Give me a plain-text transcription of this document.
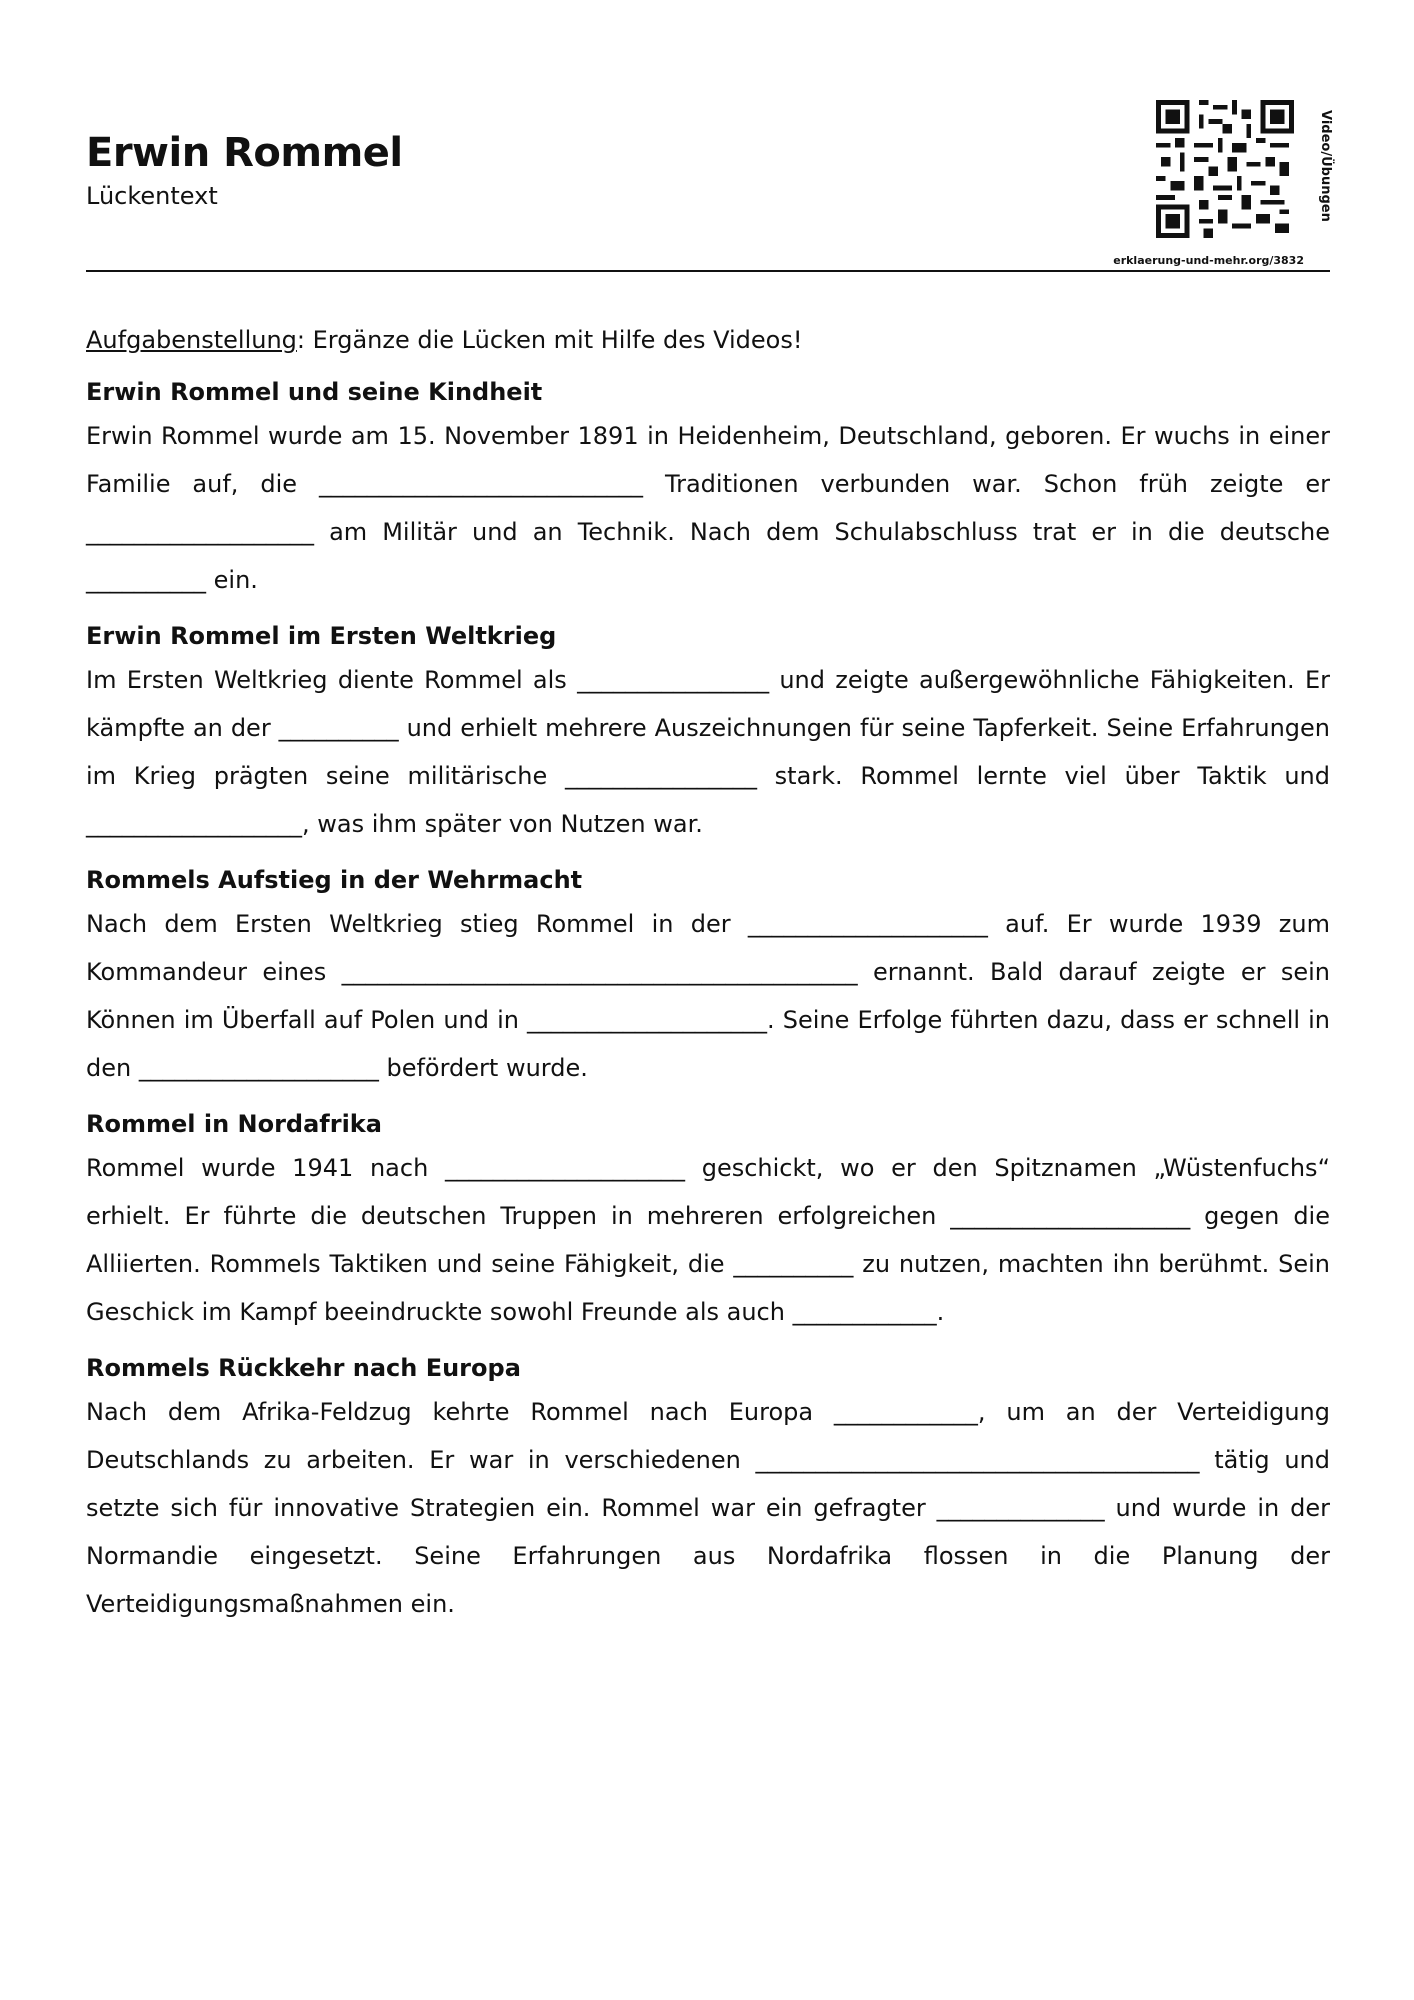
Erwin Rommel
Lückentext	Video/Übungen
erklaerung-und-mehr.org/3832

Aufgabenstellung: Ergänze die Lücken mit Hilfe des Videos!

Erwin Rommel und seine Kindheit

Erwin Rommel wurde am 15. November 1891 in Heidenheim, Deutschland, geboren. Er wuchs in einer Familie auf, die ___________________________ Traditionen verbunden war. Schon früh zeigte er ___________________ am Militär und an Technik. Nach dem Schulabschluss trat er in die deutsche __________ ein.

Erwin Rommel im Ersten Weltkrieg

Im Ersten Weltkrieg diente Rommel als ________________ und zeigte außergewöhnliche Fähigkeiten. Er kämpfte an der __________ und erhielt mehrere Auszeichnungen für seine Tapferkeit. Seine Erfahrungen im Krieg prägten seine militärische ________________ stark. Rommel lernte viel über Taktik und __________________, was ihm später von Nutzen war.

Rommels Aufstieg in der Wehrmacht

Nach dem Ersten Weltkrieg stieg Rommel in der ____________________ auf. Er wurde 1939 zum Kommandeur eines ___________________________________________ ernannt. Bald darauf zeigte er sein Können im Überfall auf Polen und in ____________________. Seine Erfolge führten dazu, dass er schnell in den ____________________ befördert wurde.

Rommel in Nordafrika

Rommel wurde 1941 nach ____________________ geschickt, wo er den Spitznamen „Wüstenfuchs“ erhielt. Er führte die deutschen Truppen in mehreren erfolgreichen ____________________ gegen die Alliierten. Rommels Taktiken und seine Fähigkeit, die __________ zu nutzen, machten ihn berühmt. Sein Geschick im Kampf beeindruckte sowohl Freunde als auch ____________.

Rommels Rückkehr nach Europa

Nach dem Afrika-Feldzug kehrte Rommel nach Europa ____________, um an der Verteidigung Deutschlands zu arbeiten. Er war in verschiedenen _____________________________________ tätig und setzte sich für innovative Strategien ein. Rommel war ein gefragter ______________ und wurde in der Normandie eingesetzt. Seine Erfahrungen aus Nordafrika flossen in die Planung der Verteidigungsmaßnahmen ein.
